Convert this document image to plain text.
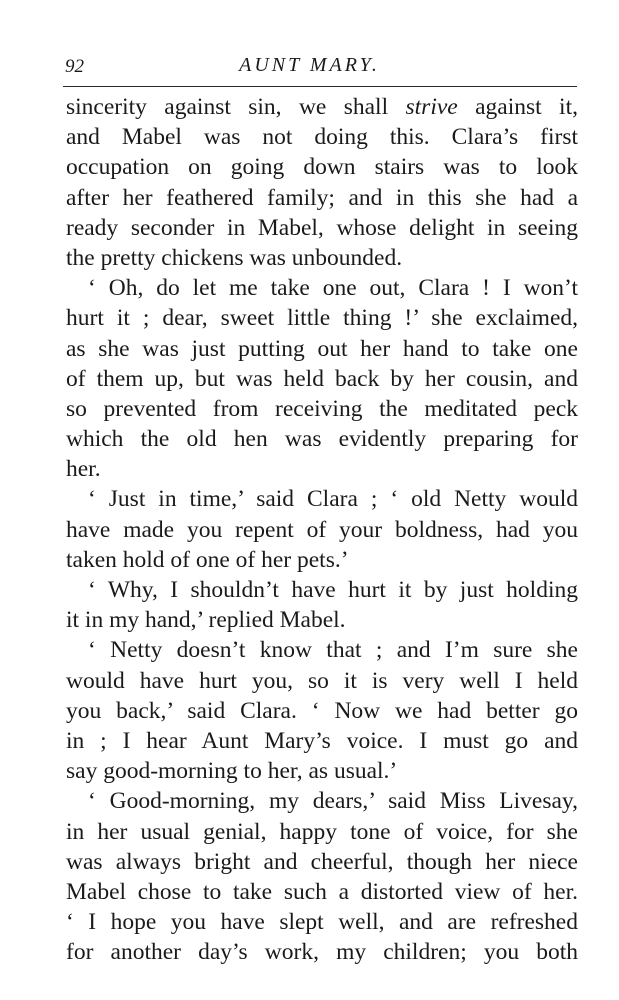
92	AUNT MARY.
sincerity against sin, we shall strive against it,
and Mabel was not doing this. Clara’s first
occupation on going down stairs was to look
after her feathered family; and in this she had a
ready seconder in Mabel, whose delight in seeing
the pretty chickens was unbounded.
‘ Oh, do let me take one out, Clara ! I won’t
hurt it ; dear, sweet little thing !’ she exclaimed,
as she was just putting out her hand to take one
of them up, but was held back by her cousin, and
so prevented from receiving the meditated peck
which the old hen was evidently preparing for
her.
‘ Just in time,’ said Clara ; ‘ old Netty would
have made you repent of your boldness, had you
taken hold of one of her pets.’
‘ Why, I shouldn’t have hurt it by just holding
it in my hand,’ replied Mabel.
‘ Netty doesn’t know that ; and I’m sure she
would have hurt you, so it is very well I held
you back,’ said Clara. ‘ Now we had better go
in ; I hear Aunt Mary’s voice. I must go and
say good-morning to her, as usual.’
‘ Good-morning, my dears,’ said Miss Livesay,
in her usual genial, happy tone of voice, for she
was always bright and cheerful, though her niece
Mabel chose to take such a distorted view of her.
‘ I hope you have slept well, and are refreshed
for another day’s work, my children; you both
